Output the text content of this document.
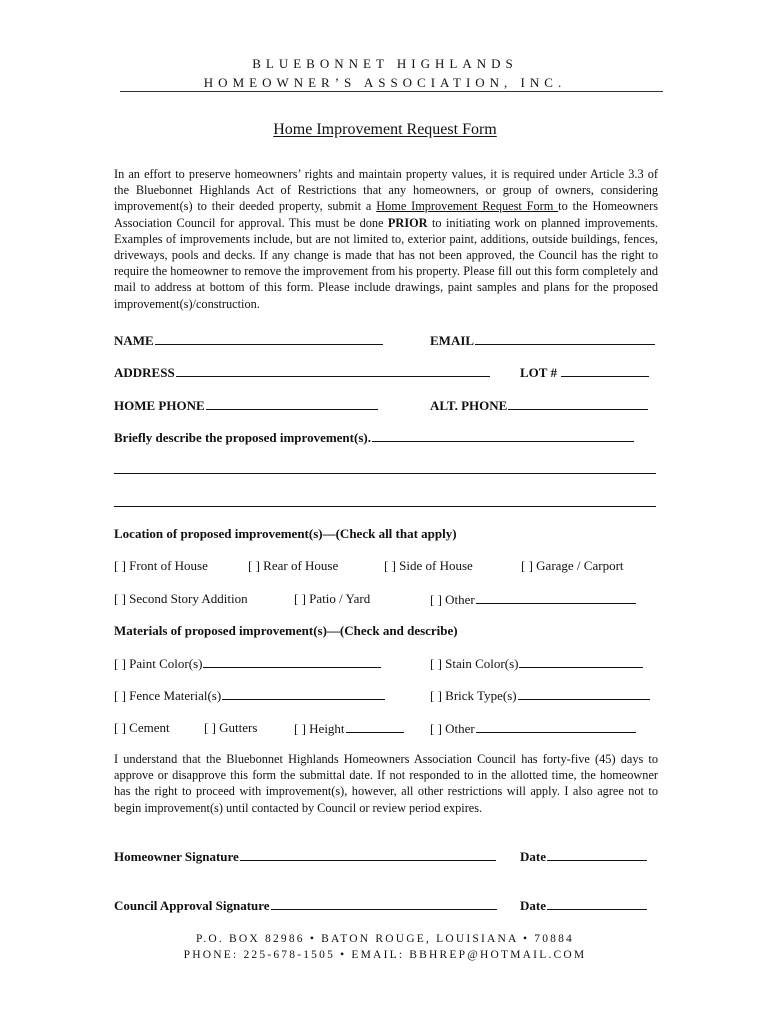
BLUEBONNET HIGHLANDS
HOMEOWNER’S ASSOCIATION, INC.
Home Improvement Request Form
In an effort to preserve homeowners’ rights and maintain property values, it is required under Article 3.3 of the Bluebonnet Highlands Act of Restrictions that any homeowners, or group of owners, considering improvement(s) to their deeded property, submit a Home Improvement Request Form to the Homeowners Association Council for approval. This must be done PRIOR to initiating work on planned improvements. Examples of improvements include, but are not limited to, exterior paint, additions, outside buildings, fences, driveways, pools and decks. If any change is made that has not been approved, the Council has the right to require the homeowner to remove the improvement from his property. Please fill out this form completely and mail to address at bottom of this form. Please include drawings, paint samples and plans for the proposed improvement(s)/construction.
NAME	EMAIL
ADDRESS	LOT #
HOME PHONE	ALT. PHONE
Briefly describe the proposed improvement(s).
Location of proposed improvement(s)—(Check all that apply)
[ ] Front of House	[ ] Rear of House	[ ] Side of House	[ ] Garage / Carport
[ ] Second Story Addition	[ ] Patio / Yard	[ ] Other
Materials of proposed improvement(s)—(Check and describe)
[ ] Paint Color(s)	[ ] Stain Color(s)
[ ] Fence Material(s)	[ ] Brick Type(s)
[ ] Cement	[ ] Gutters	[ ] Height	[ ] Other
I understand that the Bluebonnet Highlands Homeowners Association Council has forty-five (45) days to approve or disapprove this form the submittal date. If not responded to in the allotted time, the homeowner has the right to proceed with improvement(s), however, all other restrictions will apply. I also agree not to begin improvement(s) until contacted by Council or review period expires.
Homeowner Signature	Date
Council Approval Signature	Date
P.O. BOX 82986 • BATON ROUGE, LOUISIANA • 70884
PHONE: 225-678-1505 • EMAIL: BBHREP@HOTMAIL.COM
